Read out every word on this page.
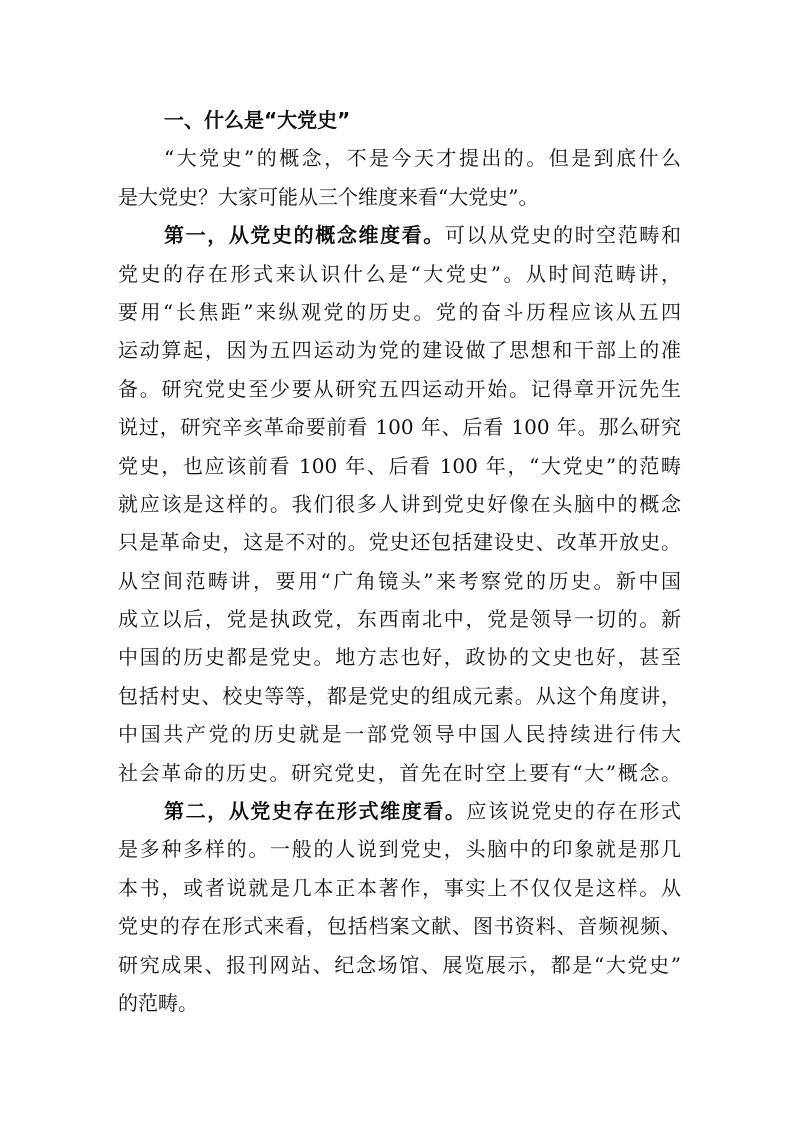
一、什么是“大党史”
“大党史”的概念，不是今天才提出的。但是到底什么
是大党史？大家可能从三个维度来看“大党史”。
第一，从党史的概念维度看。可以从党史的时空范畴和
党史的存在形式来认识什么是“大党史”。从时间范畴讲，
要用“长焦距”来纵观党的历史。党的奋斗历程应该从五四
运动算起，因为五四运动为党的建设做了思想和干部上的准
备。研究党史至少要从研究五四运动开始。记得章开沅先生
说过，研究辛亥革命要前看 100 年、后看 100 年。那么研究
党史，也应该前看 100 年、后看 100 年，“大党史”的范畴
就应该是这样的。我们很多人讲到党史好像在头脑中的概念
只是革命史，这是不对的。党史还包括建设史、改革开放史。
从空间范畴讲，要用“广角镜头”来考察党的历史。新中国
成立以后，党是执政党，东西南北中，党是领导一切的。新
中国的历史都是党史。地方志也好，政协的文史也好，甚至
包括村史、校史等等，都是党史的组成元素。从这个角度讲，
中国共产党的历史就是一部党领导中国人民持续进行伟大
社会革命的历史。研究党史，首先在时空上要有“大”概念。
第二，从党史存在形式维度看。应该说党史的存在形式
是多种多样的。一般的人说到党史，头脑中的印象就是那几
本书，或者说就是几本正本著作，事实上不仅仅是这样。从
党史的存在形式来看，包括档案文献、图书资料、音频视频、
研究成果、报刊网站、纪念场馆、展览展示，都是“大党史”
的范畴。
